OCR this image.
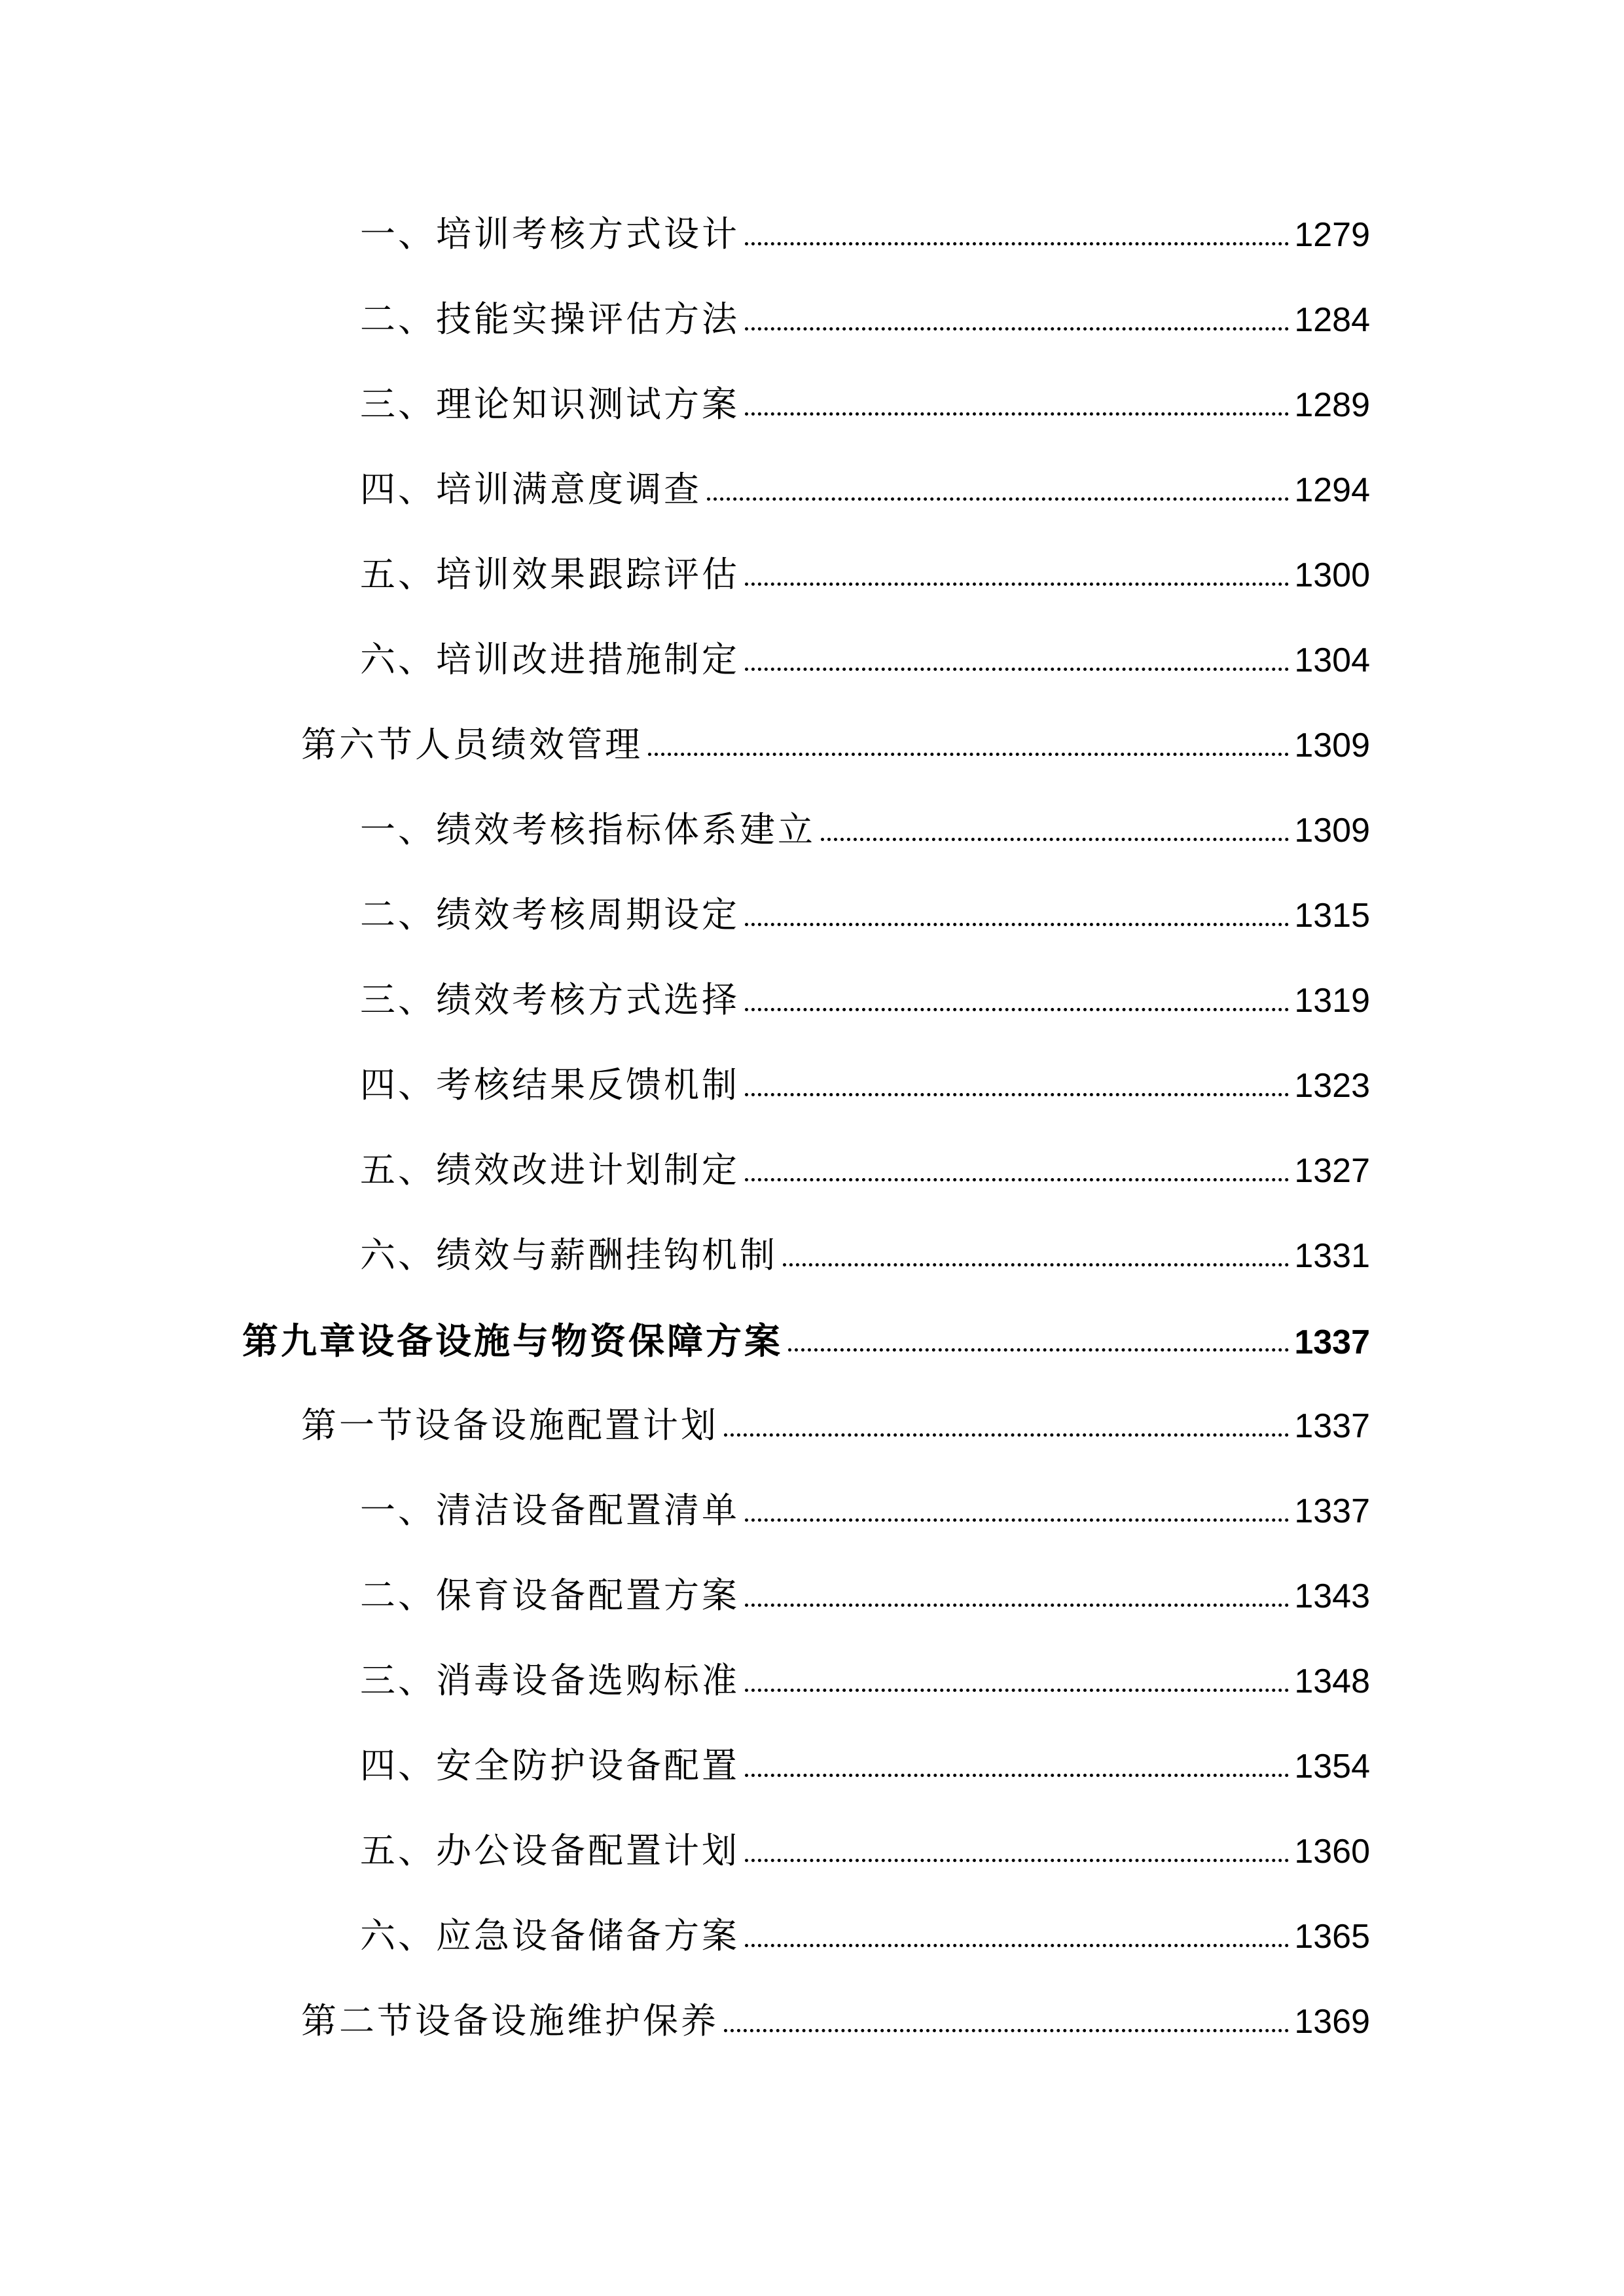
一、培训考核方式设计	1279
二、技能实操评估方法	1284
三、理论知识测试方案	1289
四、培训满意度调查	1294
五、培训效果跟踪评估	1300
六、培训改进措施制定	1304
第六节人员绩效管理	1309
一、绩效考核指标体系建立	1309
二、绩效考核周期设定	1315
三、绩效考核方式选择	1319
四、考核结果反馈机制	1323
五、绩效改进计划制定	1327
六、绩效与薪酬挂钩机制	1331
第九章设备设施与物资保障方案	1337
第一节设备设施配置计划	1337
一、清洁设备配置清单	1337
二、保育设备配置方案	1343
三、消毒设备选购标准	1348
四、安全防护设备配置	1354
五、办公设备配置计划	1360
六、应急设备储备方案	1365
第二节设备设施维护保养	1369
